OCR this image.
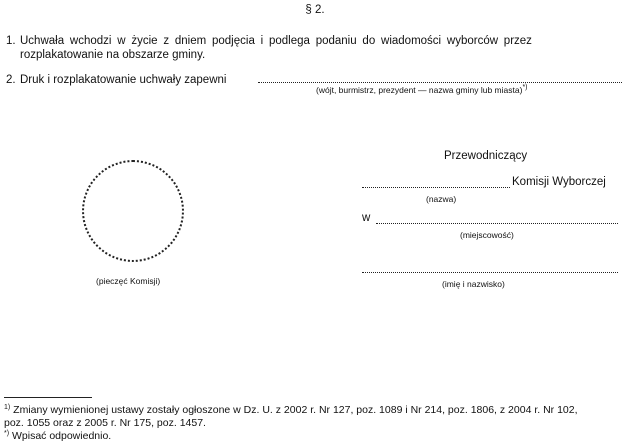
§ 2.
1. Uchwała wchodzi w życie z dniem podjęcia i podlega podaniu do wiadomości wyborców przez
rozplakatowanie na obszarze gminy.
2. Druk i rozplakatowanie uchwały zapewni
(wójt, burmistrz, prezydent — nazwa gminy lub miasta)*)
(pieczęć Komisji)
Przewodniczący
Komisji Wyborczej
(nazwa)
w
(miejscowość)
(imię i nazwisko)
$^{1)}$ Zmiany wymienionej ustawy zostały ogłoszone w Dz. U. z 2002 r. Nr 127, poz. 1089 i Nr 214, poz. 1806, z 2004 r. Nr 102,
poz. 1055 oraz z 2005 r. Nr 175, poz. 1457.
*) Wpisać odpowiednio.
